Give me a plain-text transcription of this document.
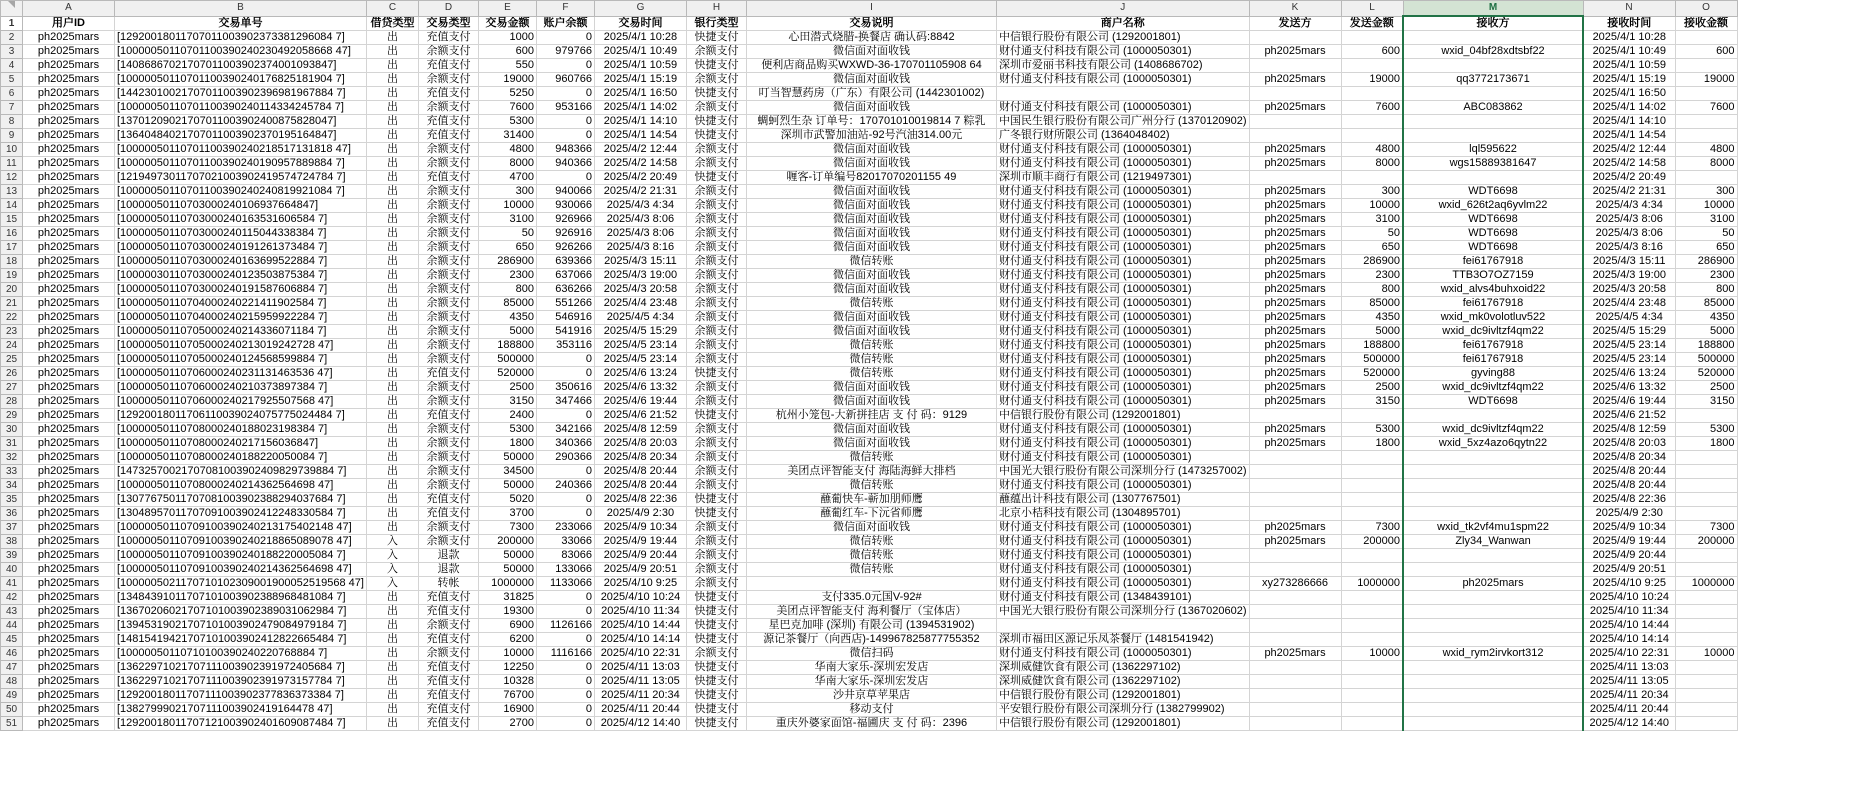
	A	B	C	D	E	F	G	H	I	J	K	L	M	N	O
1	用户ID	交易单号	借贷类型	交易类型	交易金额	账户余额	交易时间	银行类型	交易说明	商户名称	发送方	发送金额	接收方	接收时间	接收金额
2	ph2025mars	[12920018011707011003902373381296084 7]	出	充值支付	1000	0	2025/4/1 10:28	快捷支付	心田潜式烧腊-换餐店 确认码:8842	中信银行股份有限公司 (1292001801)				2025/4/1 10:28	
3	ph2025mars	[10000050110701100390240230492058668 47]	出	余额支付	600	979766	2025/4/1 10:49	余额支付	微信面对面收钱	财付通支付科技有限公司 (1000050301)	ph2025mars	600	wxid_04bf28xdtsbf22	2025/4/1 10:49	600
4	ph2025mars	[14086867021707011003902374001093847]	出	充值支付	550	0	2025/4/1 10:59	快捷支付	便利店商品购买WXWD-36-170701105908 64	深圳市爱丽书科技有限公司 (1408686702)				2025/4/1 10:59	
5	ph2025mars	[10000050110701100390240176825181904 7]	出	余额支付	19000	960766	2025/4/1 15:19	余额支付	微信面对面收钱	财付通支付科技有限公司 (1000050301)	ph2025mars	19000	qq3772173671	2025/4/1 15:19	19000
6	ph2025mars	[14423010021707011003902396981967884 7]	出	充值支付	5250	0	2025/4/1 16:50	快捷支付	叮当智慧药房（广东）有限公司 (1442301002)					2025/4/1 16:50	
7	ph2025mars	[10000050110701100390240114334245784 7]	出	余额支付	7600	953166	2025/4/1 14:02	余额支付	微信面对面收钱	财付通支付科技有限公司 (1000050301)	ph2025mars	7600	ABC083862	2025/4/1 14:02	7600
8	ph2025mars	[13701209021707011003902400875828047]	出	充值支付	5300	0	2025/4/1 14:10	快捷支付	蜩蚵烈生杂 订单号：170701010019814 7 粽乳	中国民生银行股份有限公司广州分行 (1370120902)				2025/4/1 14:10	
9	ph2025mars	[13640484021707011003902370195164847]	出	充值支付	31400	0	2025/4/1 14:54	快捷支付	深圳市武警加油站-92号汽油314.00元	广冬银行财所限公司 (1364048402)				2025/4/1 14:54	
10	ph2025mars	[10000050110701100390240218517131818 47]	出	余额支付	4800	948366	2025/4/2 12:44	余额支付	微信面对面收钱	财付通支付科技有限公司 (1000050301)	ph2025mars	4800	lql595622	2025/4/2 12:44	4800
11	ph2025mars	[10000050110701100390240190957889884 7]	出	余额支付	8000	940366	2025/4/2 14:58	余额支付	微信面对面收钱	财付通支付科技有限公司 (1000050301)	ph2025mars	8000	wgs15889381647	2025/4/2 14:58	8000
12	ph2025mars	[12194973011707021003902419574724784 7]	出	充值支付	4700	0	2025/4/2 20:49	快捷支付	喱客-订单编号82017070201155 49	深圳市顺丰商行有限公司 (1219497301)				2025/4/2 20:49	
13	ph2025mars	[10000050110701100390240240819921084 7]	出	余额支付	300	940066	2025/4/2 21:31	余额支付	微信面对面收钱	财付通支付科技有限公司 (1000050301)	ph2025mars	300	WDT6698	2025/4/2 21:31	300
14	ph2025mars	[10000050110703000240106937664847]	出	余额支付	10000	930066	2025/4/3 4:34	余额支付	微信面对面收钱	财付通支付科技有限公司 (1000050301)	ph2025mars	10000	wxid_626t2aq6yvlm22	2025/4/3 4:34	10000
15	ph2025mars	[10000050110703000240163531606584 7]	出	余额支付	3100	926966	2025/4/3 8:06	余额支付	微信面对面收钱	财付通支付科技有限公司 (1000050301)	ph2025mars	3100	WDT6698	2025/4/3 8:06	3100
16	ph2025mars	[10000050110703000240115044338384 7]	出	余额支付	50	926916	2025/4/3 8:06	余额支付	微信面对面收钱	财付通支付科技有限公司 (1000050301)	ph2025mars	50	WDT6698	2025/4/3 8:06	50
17	ph2025mars	[10000050110703000240191261373484 7]	出	余额支付	650	926266	2025/4/3 8:16	余额支付	微信面对面收钱	财付通支付科技有限公司 (1000050301)	ph2025mars	650	WDT6698	2025/4/3 8:16	650
18	ph2025mars	[10000050110703000240163699522884 7]	出	余额支付	286900	639366	2025/4/3 15:11	余额支付	微信转账	财付通支付科技有限公司 (1000050301)	ph2025mars	286900	fei61767918	2025/4/3 15:11	286900
19	ph2025mars	[10000030110703000240123503875384 7]	出	余额支付	2300	637066	2025/4/3 19:00	余额支付	微信面对面收钱	财付通支付科技有限公司 (1000050301)	ph2025mars	2300	TTB3O7OZ7159	2025/4/3 19:00	2300
20	ph2025mars	[10000050110703000240191587606884 7]	出	余额支付	800	636266	2025/4/3 20:58	余额支付	微信面对面收钱	财付通支付科技有限公司 (1000050301)	ph2025mars	800	wxid_alvs4buhxoid22	2025/4/3 20:58	800
21	ph2025mars	[10000050110704000240221411902584 7]	出	余额支付	85000	551266	2025/4/4 23:48	余额支付	微信转账	财付通支付科技有限公司 (1000050301)	ph2025mars	85000	fei61767918	2025/4/4 23:48	85000
22	ph2025mars	[10000050110704000240215959922284 7]	出	余额支付	4350	546916	2025/4/5 4:34	余额支付	微信面对面收钱	财付通支付科技有限公司 (1000050301)	ph2025mars	4350	wxid_mk0volotluv522	2025/4/5 4:34	4350
23	ph2025mars	[10000050110705000240214336071184 7]	出	余额支付	5000	541916	2025/4/5 15:29	余额支付	微信面对面收钱	财付通支付科技有限公司 (1000050301)	ph2025mars	5000	wxid_dc9ivltzf4qm22	2025/4/5 15:29	5000
24	ph2025mars	[10000050110705000240213019242728 47]	出	余额支付	188800	353116	2025/4/5 23:14	余额支付	微信转账	财付通支付科技有限公司 (1000050301)	ph2025mars	188800	fei61767918	2025/4/5 23:14	188800
25	ph2025mars	[10000050110705000240124568599884 7]	出	余额支付	500000	0	2025/4/5 23:14	余额支付	微信转账	财付通支付科技有限公司 (1000050301)	ph2025mars	500000	fei61767918	2025/4/5 23:14	500000
26	ph2025mars	[10000050110706000240231131463536 47]	出	充值支付	520000	0	2025/4/6 13:24	快捷支付	微信转账	财付通支付科技有限公司 (1000050301)	ph2025mars	520000	gyving88	2025/4/6 13:24	520000
27	ph2025mars	[10000050110706000240210373897384 7]	出	余额支付	2500	350616	2025/4/6 13:32	余额支付	微信面对面收钱	财付通支付科技有限公司 (1000050301)	ph2025mars	2500	wxid_dc9ivltzf4qm22	2025/4/6 13:32	2500
28	ph2025mars	[10000050110706000240217925507568 47]	出	余额支付	3150	347466	2025/4/6 19:44	余额支付	微信面对面收钱	财付通支付科技有限公司 (1000050301)	ph2025mars	3150	WDT6698	2025/4/6 19:44	3150
29	ph2025mars	[12920018011706110039024075775024484 7]	出	充值支付	2400	0	2025/4/6 21:52	快捷支付	杭州小笼包-大新拼挂店 支 付 码：9129	中信银行股份有限公司 (1292001801)				2025/4/6 21:52	
30	ph2025mars	[10000050110708000240188023198384 7]	出	余额支付	5300	342166	2025/4/8 12:59	余额支付	微信面对面收钱	财付通支付科技有限公司 (1000050301)	ph2025mars	5300	wxid_dc9ivltzf4qm22	2025/4/8 12:59	5300
31	ph2025mars	[10000050110708000240217156036847]	出	余额支付	1800	340366	2025/4/8 20:03	余额支付	微信面对面收钱	财付通支付科技有限公司 (1000050301)	ph2025mars	1800	wxid_5xz4azo6qytn22	2025/4/8 20:03	1800
32	ph2025mars	[10000050110708000240188220050084 7]	出	余额支付	50000	290366	2025/4/8 20:34	余额支付	微信转账	财付通支付科技有限公司 (1000050301)				2025/4/8 20:34	
33	ph2025mars	[14732570021707081003902409829739884 7]	出	余额支付	34500	0	2025/4/8 20:44	余额支付	美团点评智能支付 海陆海鲜大排档	中国光大银行股份有限公司深圳分行 (1473257002)				2025/4/8 20:44	
34	ph2025mars	[10000050110708000240214362564698 47]	出	余额支付	50000	240366	2025/4/8 20:44	余额支付	微信转账	财付通支付科技有限公司 (1000050301)				2025/4/8 20:44	
35	ph2025mars	[13077675011707081003902388294037684 7]	出	充值支付	5020	0	2025/4/8 22:36	快捷支付	蘸葡快车-蕲加朋师鹰	蘸蕴出计科技有限公司 (1307767501)				2025/4/8 22:36	
36	ph2025mars	[13048957011707091003902412248330584 7]	出	充值支付	3700	0	2025/4/9 2:30	快捷支付	蘸葡红车-下沅省师鹰	北京小桔科技有限公司 (1304895701)				2025/4/9 2:30	
37	ph2025mars	[10000050110709100390240213175402148 47]	出	余额支付	7300	233066	2025/4/9 10:34	余额支付	微信面对面收钱	财付通支付科技有限公司 (1000050301)	ph2025mars	7300	wxid_tk2vf4mu1spm22	2025/4/9 10:34	7300
38	ph2025mars	[10000050110709100390240218865089078 47]	入	余额支付	200000	33066	2025/4/9 19:44	余额支付	微信转账	财付通支付科技有限公司 (1000050301)	ph2025mars	200000	Zly34_Wanwan	2025/4/9 19:44	200000
39	ph2025mars	[10000050110709100390240188220005084 7]	入	退款	50000	83066	2025/4/9 20:44	余额支付	微信转账	财付通支付科技有限公司 (1000050301)				2025/4/9 20:44	
40	ph2025mars	[10000050110709100390240214362564698 47]	入	退款	50000	133066	2025/4/9 20:51	余额支付	微信转账	财付通支付科技有限公司 (1000050301)				2025/4/9 20:51	
41	ph2025mars	[1000005021170710102309001900052519568 47]	入	转帐	1000000	1133066	2025/4/10 9:25	余额支付		财付通支付科技有限公司 (1000050301)	xy273286666	1000000	ph2025mars	2025/4/10 9:25	1000000
42	ph2025mars	[13484391011707101003902388968481084 7]	出	充值支付	31825	0	2025/4/10 10:24	快捷支付	支付335.0元国V-92#	财付通支付科技有限公司 (1348439101)				2025/4/10 10:24	
43	ph2025mars	[13670206021707101003902389031062984 7]	出	充值支付	19300	0	2025/4/10 11:34	快捷支付	美团点评智能支付 海利餐厅（宝体店）	中国光大银行股份有限公司深圳分行 (1367020602)				2025/4/10 11:34	
44	ph2025mars	[13945319021707101003902479084979184 7]	出	余额支付	6900	1126166	2025/4/10 14:44	快捷支付	星巴克加啡 (深圳) 有限公司 (1394531902)					2025/4/10 14:44	
45	ph2025mars	[14815419421707101003902412822665484 7]	出	充值支付	6200	0	2025/4/10 14:14	快捷支付	源记茶餐厅（向西店)-149967825877755352	深圳市福田区源记乐凤茶餐厅 (1481541942)				2025/4/10 14:14	
46	ph2025mars	[10000050110710100390240220768884 7]	出	余额支付	10000	1116166	2025/4/10 22:31	余额支付	微信扫码	财付通支付科技有限公司 (1000050301)	ph2025mars	10000	wxid_rym2irvkort312	2025/4/10 22:31	10000
47	ph2025mars	[13622971021707111003902391972405684 7]	出	充值支付	12250	0	2025/4/11 13:03	快捷支付	华南大家乐-深圳宏发店	深圳威健饮食有限公司 (1362297102)				2025/4/11 13:03	
48	ph2025mars	[13622971021707111003902391973157784 7]	出	充值支付	10328	0	2025/4/11 13:05	快捷支付	华南大家乐-深圳宏发店	深圳威健饮食有限公司 (1362297102)				2025/4/11 13:05	
49	ph2025mars	[12920018011707111003902377836373384 7]	出	充值支付	76700	0	2025/4/11 20:34	快捷支付	沙井京草苹果店	中信银行股份有限公司 (1292001801)				2025/4/11 20:34	
50	ph2025mars	[13827999021707111003902419164478 47]	出	充值支付	16900	0	2025/4/11 20:44	快捷支付	移动支付	平安银行股份有限公司深圳分行 (1382799902)				2025/4/11 20:44	
51	ph2025mars	[12920018011707121003902401609087484 7]	出	充值支付	2700	0	2025/4/12 14:40	快捷支付	重庆外婆家面馆-福圃庆 支 付 码：2396	中信银行股份有限公司 (1292001801)				2025/4/12 14:40	
